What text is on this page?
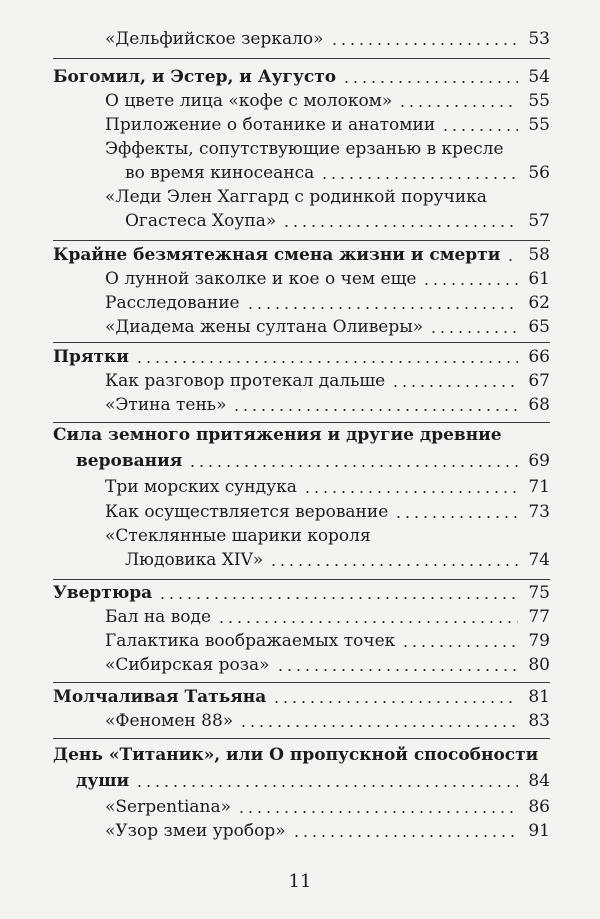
«Дельфийское зеркало»	53
Богомил, и Эстер, и Аугусто	54
О цвете лица «кофе с молоком»	55
Приложение о ботанике и анатомии	55
Эффекты, сопутствующие ерзанью в кресле
во время киносеанса	56
«Леди Элен Хаггард с родинкой поручика
Огастеса Хоупа»	57
Крайне безмятежная смена жизни и смерти 58
О лунной заколке и кое о чем еще	61
Расследование	62
«Диадема жены султана Оливеры»	65
Прятки	66
Как разговор протекал дальше	67
«Этина тень»	68
Сила земного притяжения и другие древние
верования	69
Три морских сундука	71
Как осуществляется верование	73
«Стеклянные шарики короля
Людовика XIV»	74
Увертюра	75
Бал на воде	77
Галактика воображаемых точек	79
«Сибирская роза»	80
Молчаливая Татьяна	81
«Феномен 88»	83
День «Титаник», или О пропускной способности
души	84
«Serpentiana»	86
«Узор змеи уробор»	91
11
